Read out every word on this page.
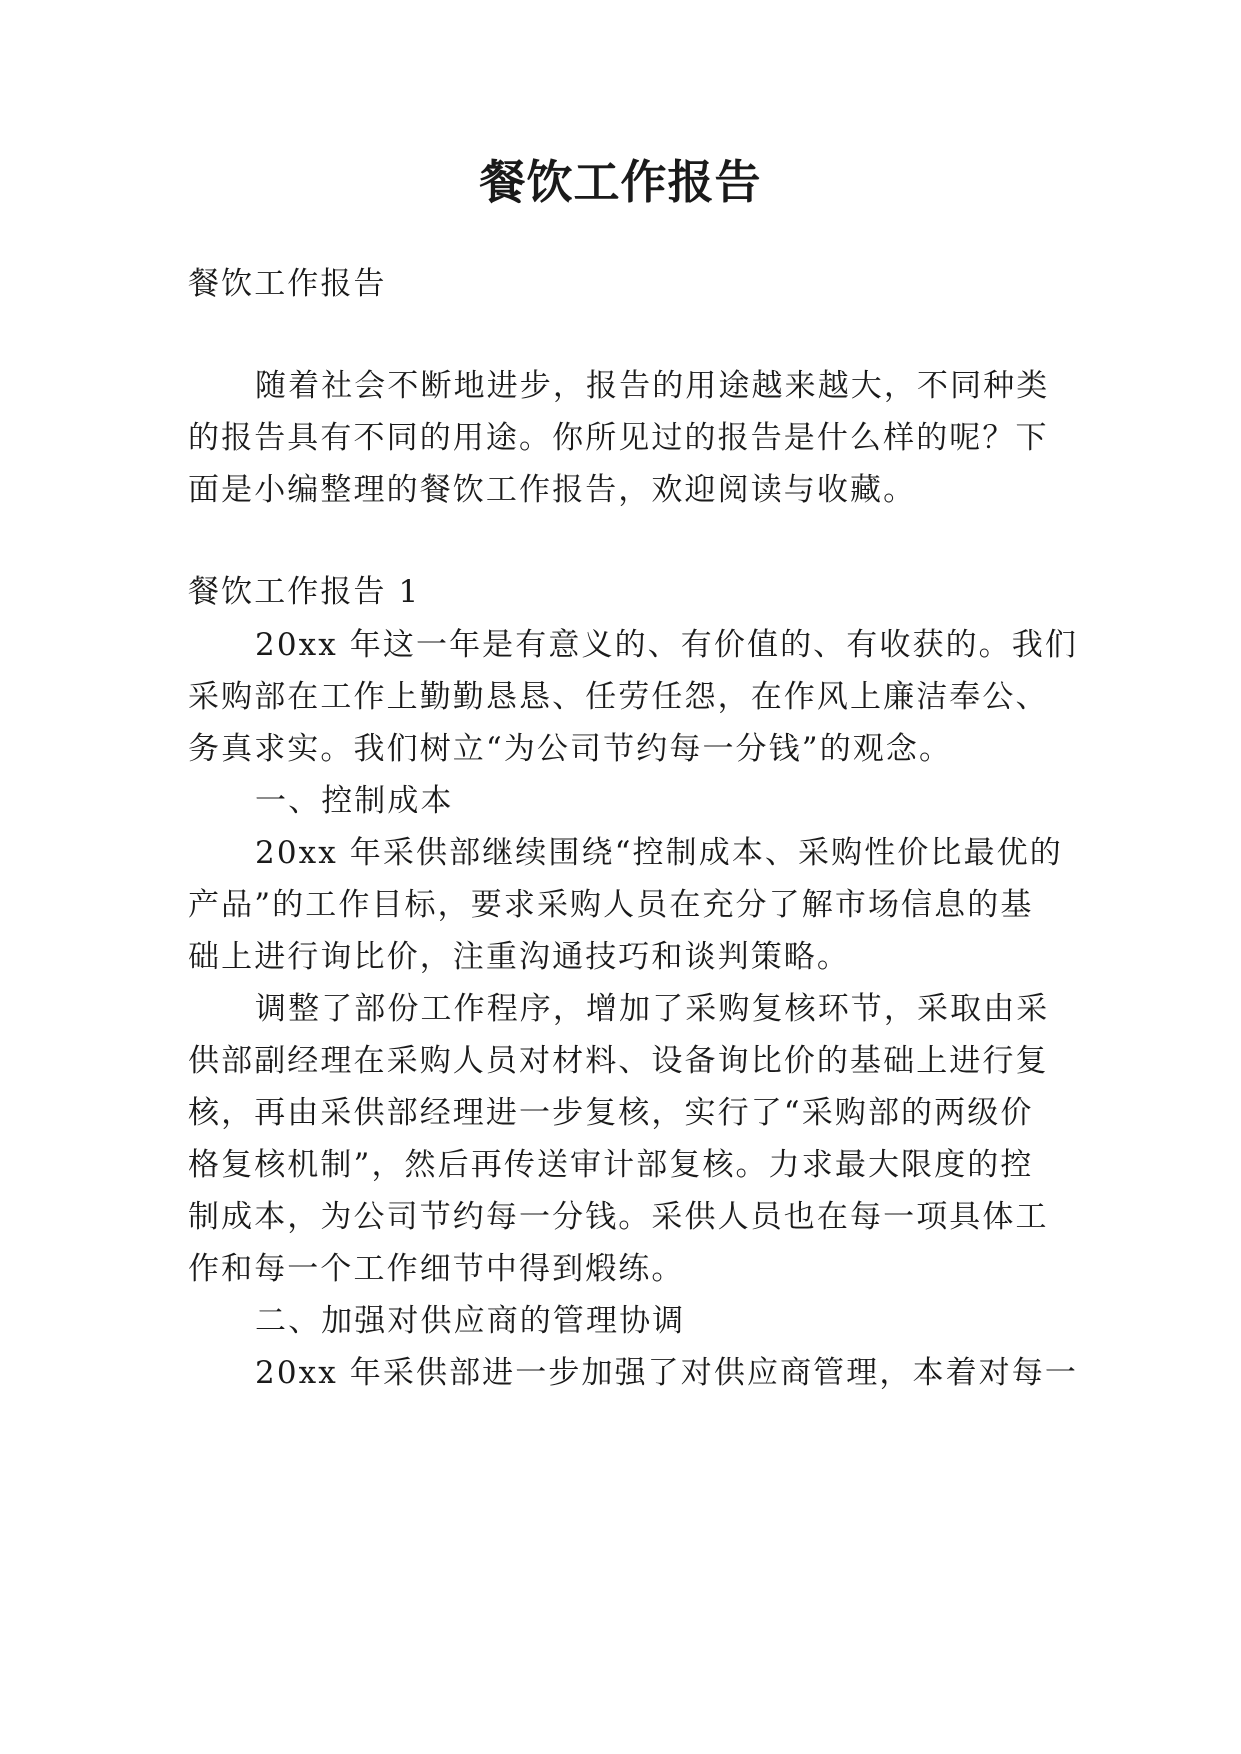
餐饮工作报告
餐饮工作报告
随着社会不断地进步，报告的用途越来越大，不同种类
的报告具有不同的用途。你所见过的报告是什么样的呢？下
面是小编整理的餐饮工作报告，欢迎阅读与收藏。
餐饮工作报告 1
20xx 年这一年是有意义的、有价值的、有收获的。我们
采购部在工作上勤勤恳恳、任劳任怨，在作风上廉洁奉公、
务真求实。我们树立“为公司节约每一分钱”的观念。
一、控制成本
20xx 年采供部继续围绕“控制成本、采购性价比最优的
产品”的工作目标，要求采购人员在充分了解市场信息的基
础上进行询比价，注重沟通技巧和谈判策略。
调整了部份工作程序，增加了采购复核环节，采取由采
供部副经理在采购人员对材料、设备询比价的基础上进行复
核，再由采供部经理进一步复核，实行了“采购部的两级价
格复核机制”，然后再传送审计部复核。力求最大限度的控
制成本，为公司节约每一分钱。采供人员也在每一项具体工
作和每一个工作细节中得到煅练。
二、加强对供应商的管理协调
20xx 年采供部进一步加强了对供应商管理，本着对每一
